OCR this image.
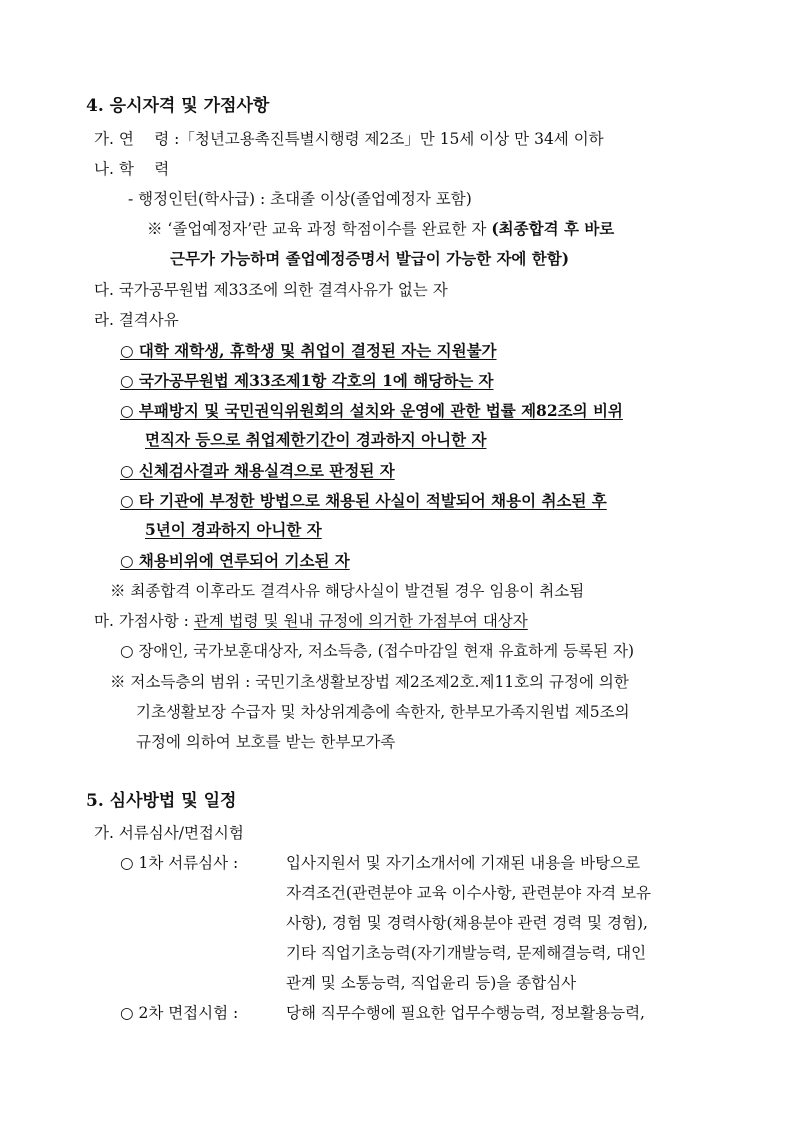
4. 응시자격 및 가점사항
가. 연　 령 :「청년고용촉진특별시행령 제2조」만 15세 이상 만 34세 이하
나. 학　 력
- 행정인턴(학사급) : 초대졸 이상(졸업예정자 포함)
※ ‘졸업예정자’란 교육 과정 학점이수를 완료한 자 (최종합격 후 바로
근무가 가능하며 졸업예정증명서 발급이 가능한 자에 한함)
다. 국가공무원법 제33조에 의한 결격사유가 없는 자
라. 결격사유
○ 대학 재학생, 휴학생 및 취업이 결정된 자는 지원불가
○ 국가공무원법 제33조제1항 각호의 1에 해당하는 자
○ 부패방지 및 국민권익위원회의 설치와 운영에 관한 법률 제82조의 비위
면직자 등으로 취업제한기간이 경과하지 아니한 자
○ 신체검사결과 채용실격으로 판정된 자
○ 타 기관에 부정한 방법으로 채용된 사실이 적발되어 채용이 취소된 후
5년이 경과하지 아니한 자
○ 채용비위에 연루되어 기소된 자
※ 최종합격 이후라도 결격사유 해당사실이 발견될 경우 임용이 취소됨
마. 가점사항 : 관계 법령 및 원내 규정에 의거한 가점부여 대상자
○ 장애인, 국가보훈대상자, 저소득층, (접수마감일 현재 유효하게 등록된 자)
※ 저소득층의 범위 : 국민기초생활보장법 제2조제2호.제11호의 규정에 의한
기초생활보장 수급자 및 차상위계층에 속한자, 한부모가족지원법 제5조의
규정에 의하여 보호를 받는 한부모가족
5. 심사방법 및 일정
가. 서류심사/면접시험
○ 1차 서류심사 :	입사지원서 및 자기소개서에 기재된 내용을 바탕으로
자격조건(관련분야 교육 이수사항, 관련분야 자격 보유
사항), 경험 및 경력사항(채용분야 관련 경력 및 경험),
기타 직업기초능력(자기개발능력, 문제해결능력, 대인
관계 및 소통능력, 직업윤리 등)을 종합심사
○ 2차 면접시험 :	당해 직무수행에 필요한 업무수행능력, 정보활용능력,
